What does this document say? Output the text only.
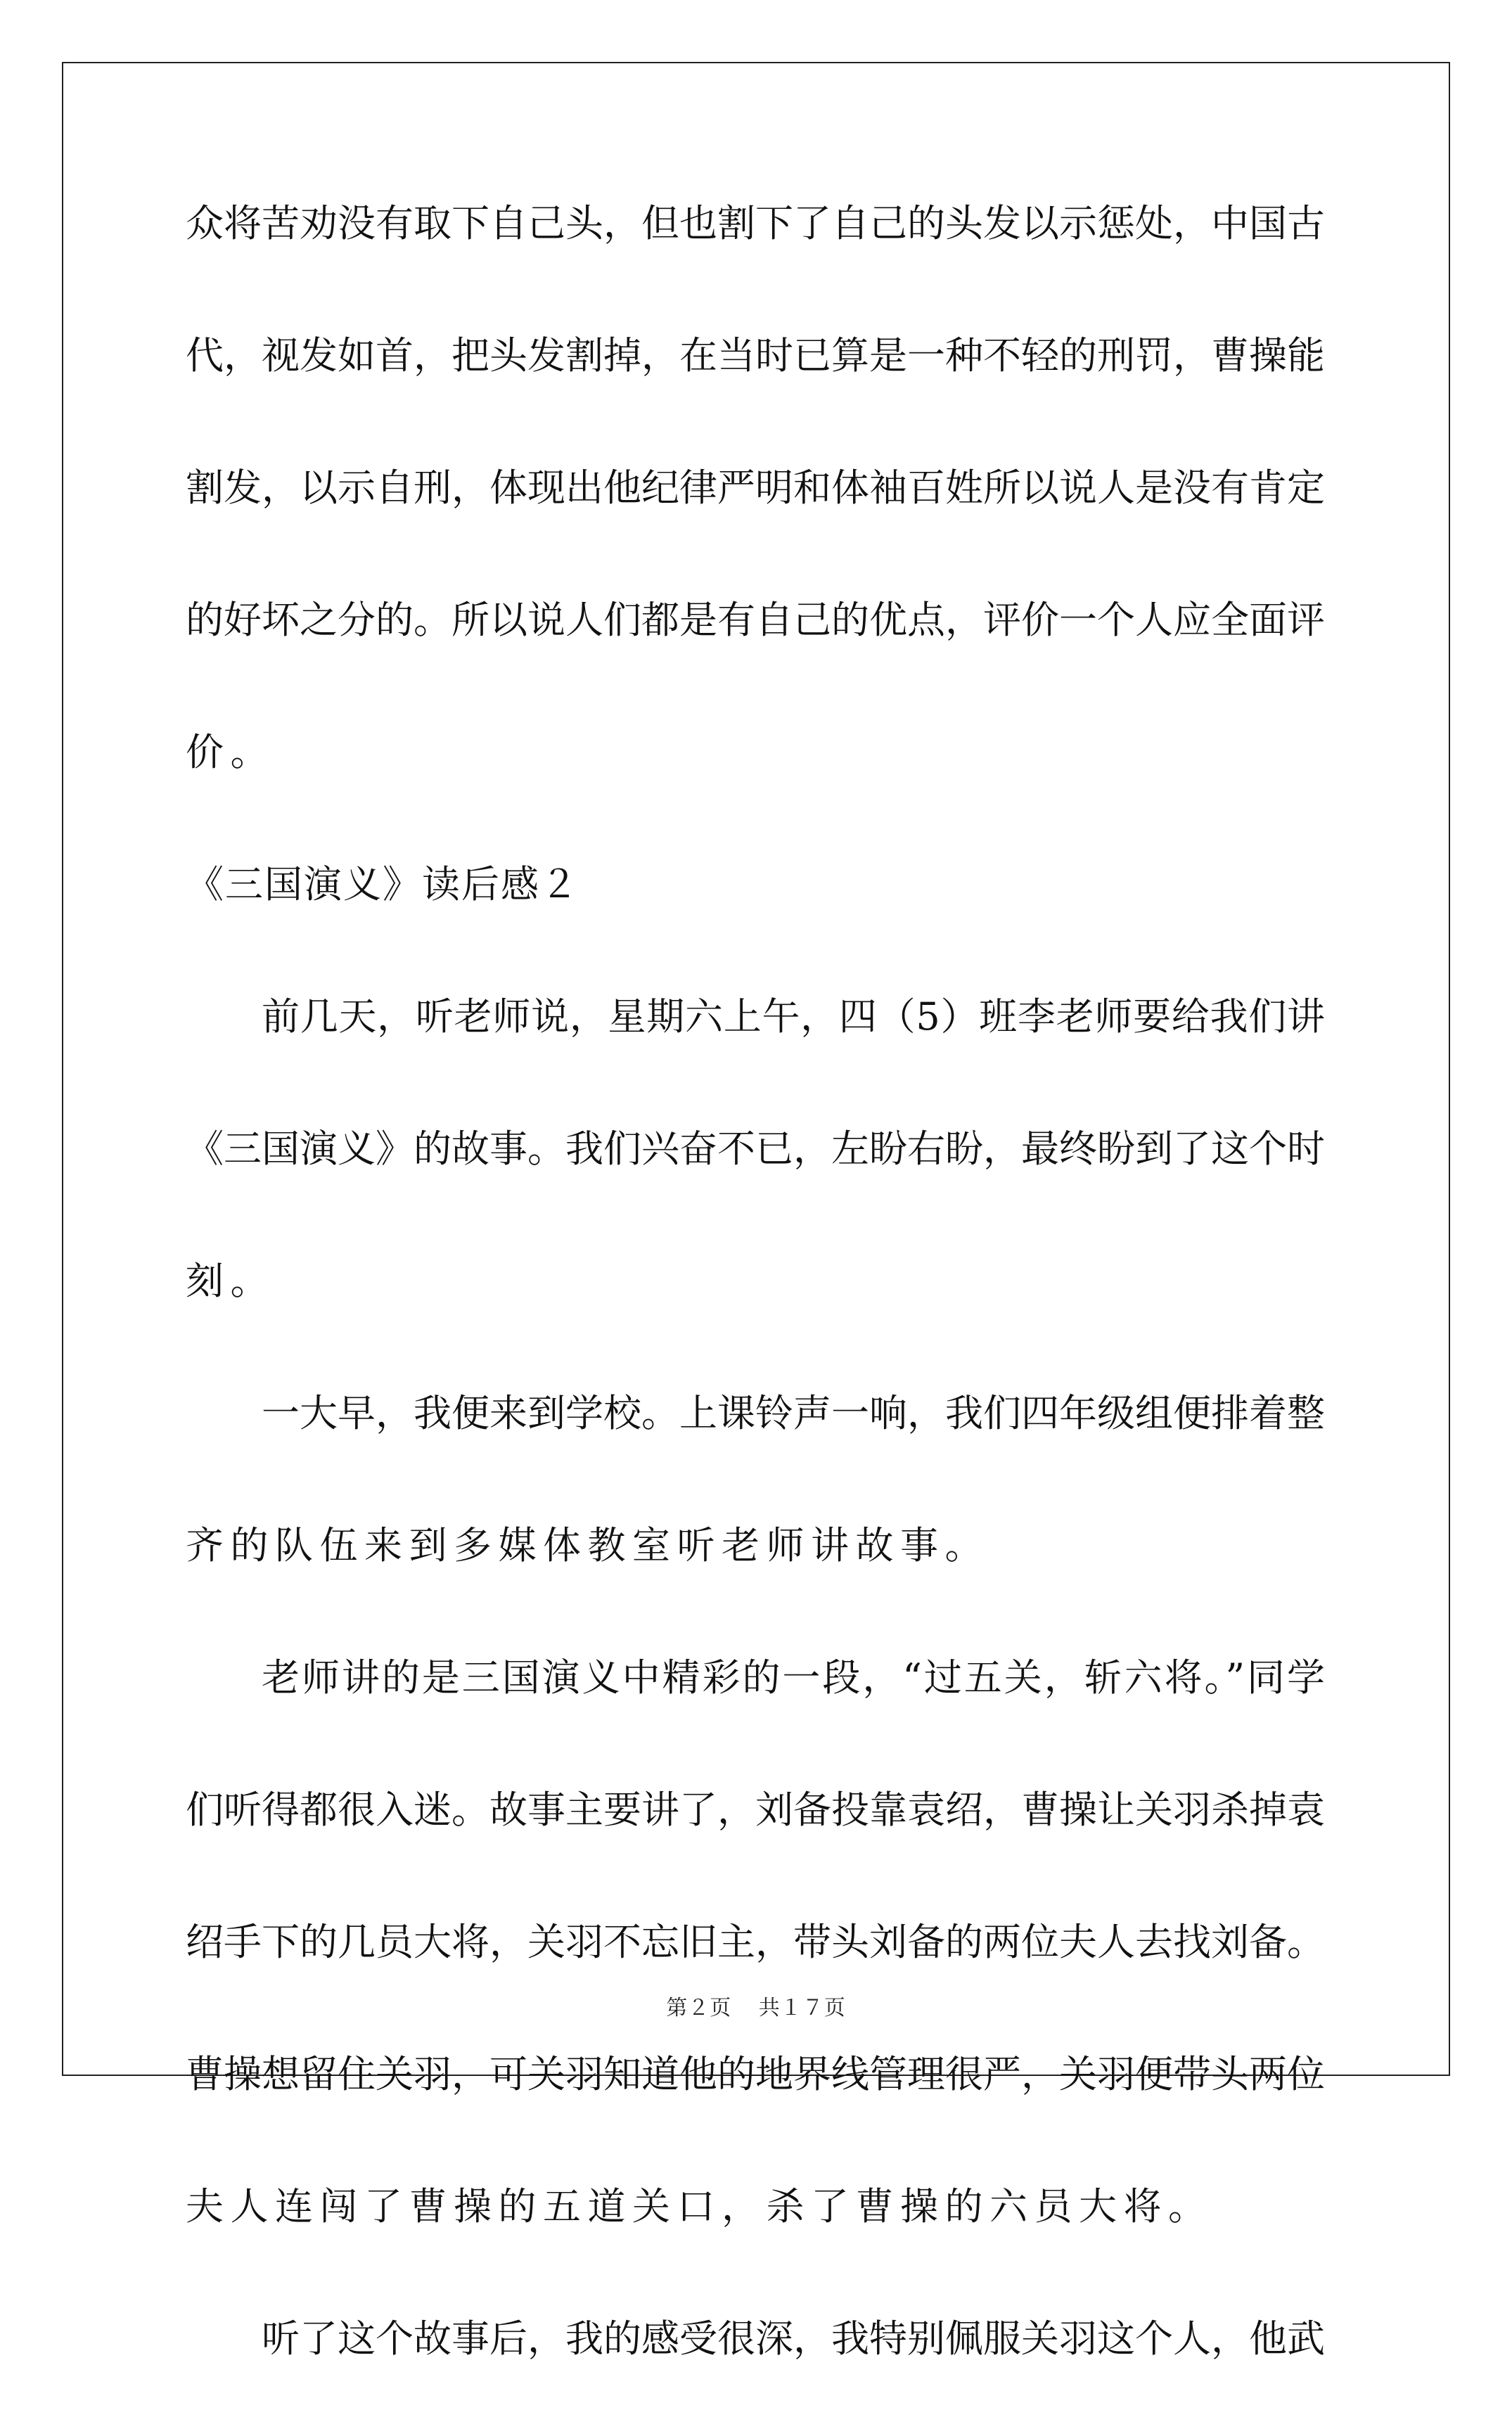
众将苦劝没有取下自己头，但也割下了自己的头发以示惩处，中国古
代，视发如首，把头发割掉，在当时已算是一种不轻的刑罚，曹操能
割发，以示自刑，体现出他纪律严明和体袖百姓所以说人是没有肯定
的好坏之分的。所以说人们都是有自己的优点，评价一个人应全面评
价。
《三国演义》读后感２
前几天，听老师说，星期六上午，四（5）班李老师要给我们讲
《三国演义》的故事。我们兴奋不已，左盼右盼，最终盼到了这个时
刻。
一大早，我便来到学校。上课铃声一响，我们四年级组便排着整
齐的队伍来到多媒体教室听老师讲故事。
老师讲的是三国演义中精彩的一段，“过五关，斩六将。”同学
们听得都很入迷。故事主要讲了，刘备投靠袁绍，曹操让关羽杀掉袁
绍手下的几员大将，关羽不忘旧主，带头刘备的两位夫人去找刘备。
曹操想留住关羽，可关羽知道他的地界线管理很严，关羽便带头两位
夫人连闯了曹操的五道关口，杀了曹操的六员大将。
听了这个故事后，我的感受很深，我特别佩服关羽这个人，他武
第２页 共１７页
